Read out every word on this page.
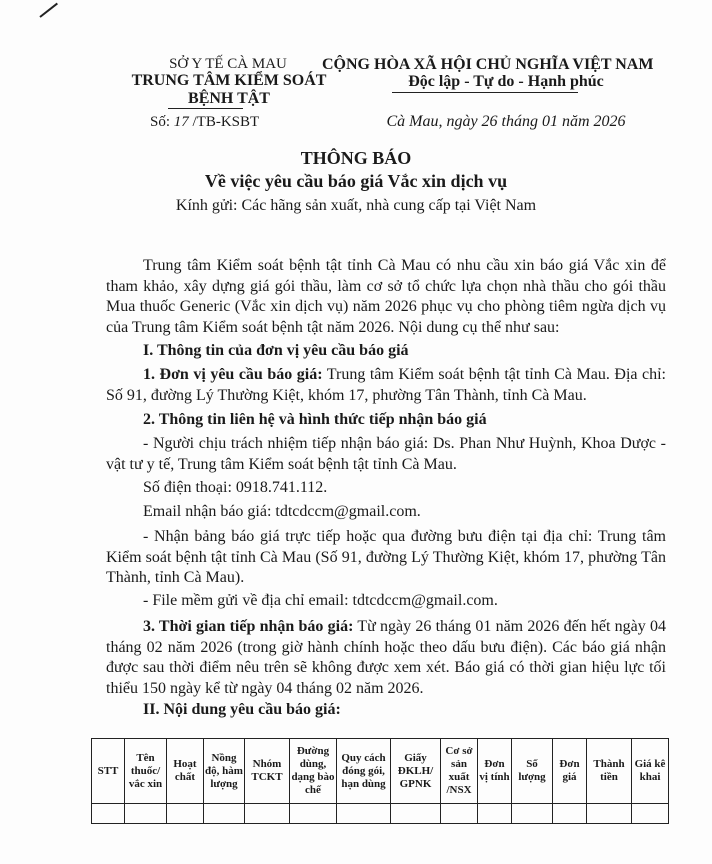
SỞ Y TẾ CÀ MAU
TRUNG TÂM KIỂM SOÁT
BỆNH TẬT
Số: 17 /TB-KSBT
CỘNG HÒA XÃ HỘI CHỦ NGHĨA VIỆT NAM
Độc lập - Tự do - Hạnh phúc
Cà Mau, ngày 26 tháng 01 năm 2026
THÔNG BÁO
Về việc yêu cầu báo giá Vắc xin dịch vụ
Kính gửi: Các hãng sản xuất, nhà cung cấp tại Việt Nam
Trung tâm Kiểm soát bệnh tật tỉnh Cà Mau có nhu cầu xin báo giá Vắc xin để tham khảo, xây dựng giá gói thầu, làm cơ sở tổ chức lựa chọn nhà thầu cho gói thầu Mua thuốc Generic (Vắc xin dịch vụ) năm 2026 phục vụ cho phòng tiêm ngừa dịch vụ của Trung tâm Kiểm soát bệnh tật năm 2026. Nội dung cụ thể như sau:
I. Thông tin của đơn vị yêu cầu báo giá
1. Đơn vị yêu cầu báo giá: Trung tâm Kiểm soát bệnh tật tỉnh Cà Mau. Địa chỉ: Số 91, đường Lý Thường Kiệt, khóm 17, phường Tân Thành, tỉnh Cà Mau.
2. Thông tin liên hệ và hình thức tiếp nhận báo giá
- Người chịu trách nhiệm tiếp nhận báo giá: Ds. Phan Như Huỳnh, Khoa Dược - vật tư y tế, Trung tâm Kiểm soát bệnh tật tỉnh Cà Mau.
Số điện thoại: 0918.741.112.
Email nhận báo giá: tdtcdccm@gmail.com.
- Nhận bảng báo giá trực tiếp hoặc qua đường bưu điện tại địa chỉ: Trung tâm Kiểm soát bệnh tật tỉnh Cà Mau (Số 91, đường Lý Thường Kiệt, khóm 17, phường Tân Thành, tỉnh Cà Mau).
- File mềm gửi về địa chỉ email: tdtcdccm@gmail.com.
3. Thời gian tiếp nhận báo giá: Từ ngày 26 tháng 01 năm 2026 đến hết ngày 04 tháng 02 năm 2026 (trong giờ hành chính hoặc theo dấu bưu điện). Các báo giá nhận được sau thời điểm nêu trên sẽ không được xem xét. Báo giá có thời gian hiệu lực tối thiểu 150 ngày kể từ ngày 04 tháng 02 năm 2026.
II. Nội dung yêu cầu báo giá:
STT	Tên thuốc/ vắc xin	Hoạt chất	Nồng độ, hàm lượng	Nhóm TCKT	Đường dùng, dạng bào chế	Quy cách đóng gói, hạn dùng	Giấy ĐKLH/ GPNK	Cơ sở sản xuất /NSX	Đơn vị tính	Số lượng	Đơn giá	Thành tiền	Giá kê khai
